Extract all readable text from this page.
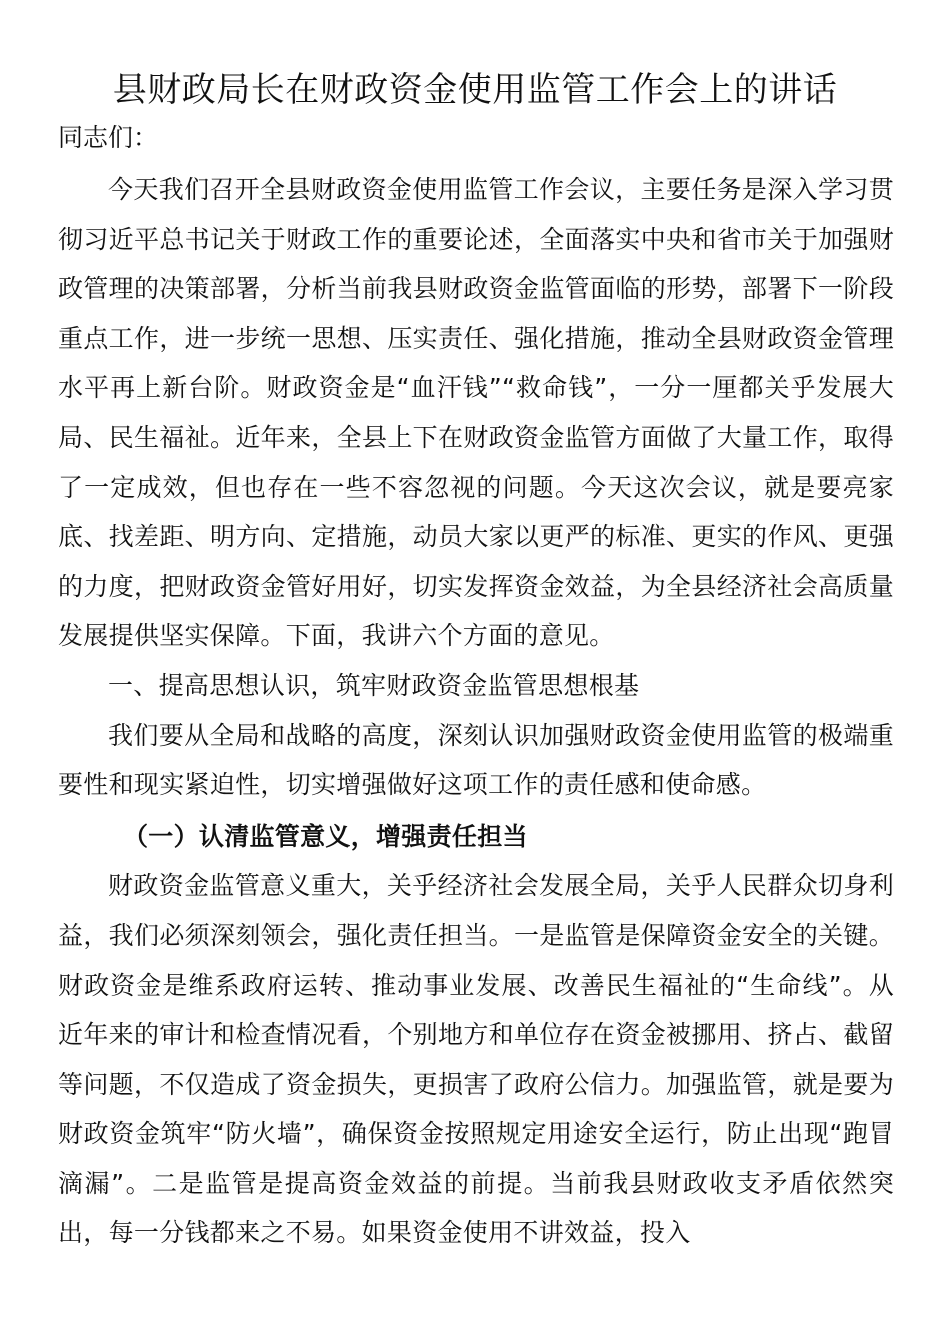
县财政局长在财政资金使用监管工作会上的讲话

同志们：

今天我们召开全县财政资金使用监管工作会议，主要任务是深入学习贯彻习近平总书记关于财政工作的重要论述，全面落实中央和省市关于加强财政管理的决策部署，分析当前我县财政资金监管面临的形势，部署下一阶段重点工作，进一步统一思想、压实责任、强化措施，推动全县财政资金管理水平再上新台阶。财政资金是“血汗钱”“救命钱”，一分一厘都关乎发展大局、民生福祉。近年来，全县上下在财政资金监管方面做了大量工作，取得了一定成效，但也存在一些不容忽视的问题。今天这次会议，就是要亮家底、找差距、明方向、定措施，动员大家以更严的标准、更实的作风、更强的力度，把财政资金管好用好，切实发挥资金效益，为全县经济社会高质量发展提供坚实保障。下面，我讲六个方面的意见。

一、提高思想认识，筑牢财政资金监管思想根基

我们要从全局和战略的高度，深刻认识加强财政资金使用监管的极端重要性和现实紧迫性，切实增强做好这项工作的责任感和使命感。

（一）认清监管意义，增强责任担当

财政资金监管意义重大，关乎经济社会发展全局，关乎人民群众切身利益，我们必须深刻领会，强化责任担当。一是监管是保障资金安全的关键。财政资金是维系政府运转、推动事业发展、改善民生福祉的“生命线”。从近年来的审计和检查情况看，个别地方和单位存在资金被挪用、挤占、截留等问题，不仅造成了资金损失，更损害了政府公信力。加强监管，就是要为财政资金筑牢“防火墙”，确保资金按照规定用途安全运行，防止出现“跑冒滴漏”。二是监管是提高资金效益的前提。当前我县财政收支矛盾依然突出，每一分钱都来之不易。如果资金使用不讲效益，投入
